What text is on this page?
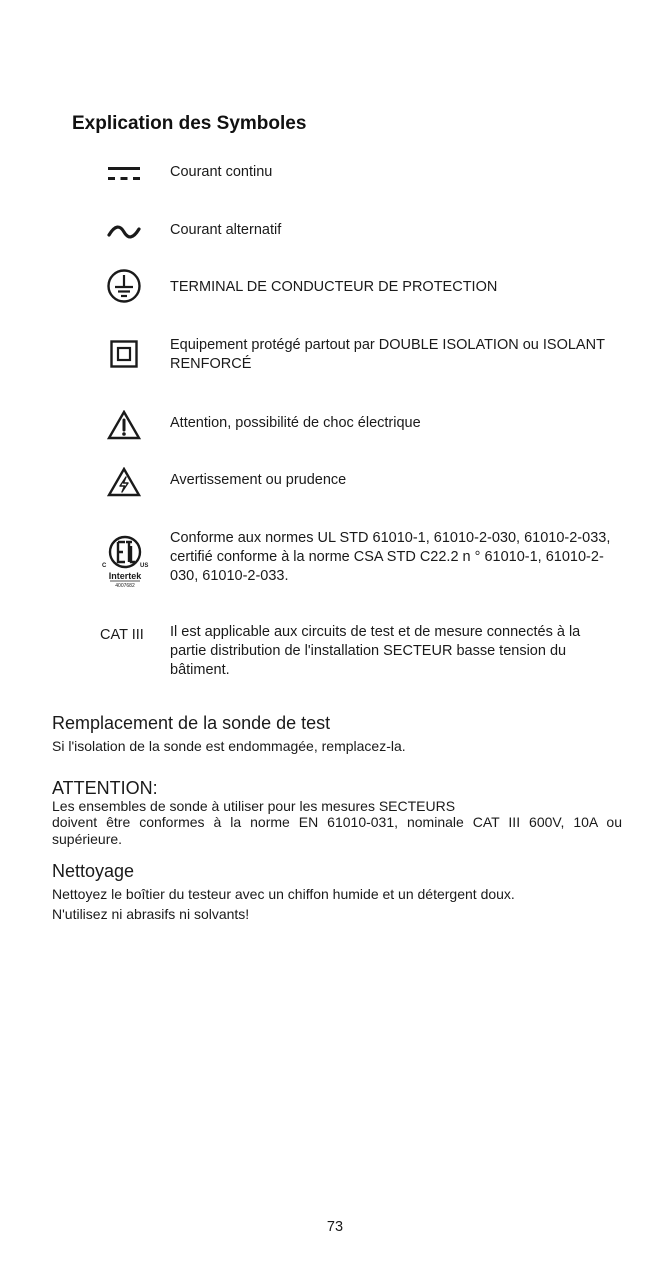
Explication des Symboles
Courant continu
Courant alternatif
TERMINAL DE CONDUCTEUR DE PROTECTION
Equipement protégé partout par DOUBLE ISOLATION ou ISOLANT RENFORCÉ
Attention, possibilité de choc électrique
Avertissement ou prudence
C	US
Intertek
4007682
Conforme aux normes UL STD 61010-1, 61010-2-030, 61010-2-033, certifié conforme à la norme CSA STD C22.2 n ° 61010-1, 61010-2-030, 61010-2-033.
CAT III Il est applicable aux circuits de test et de mesure connectés à la partie distribution de l'installation SECTEUR basse tension du bâtiment.
Remplacement de la sonde de test
Si l'isolation de la sonde est endommagée, remplacez-la.
ATTENTION:
Les ensembles de sonde à utiliser pour les mesures SECTEURS
doivent être conformes à la norme EN 61010-031, nominale CAT III 600V, 10A ou supérieure.
Nettoyage
Nettoyez le boîtier du testeur avec un chiffon humide et un détergent doux.
N'utilisez ni abrasifs ni solvants!
73
